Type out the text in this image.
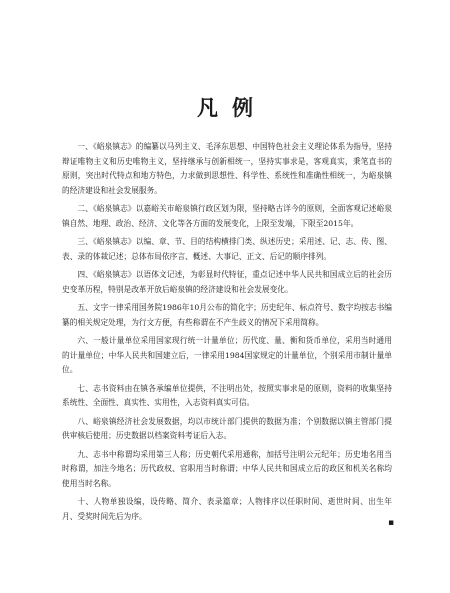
凡例

一、《峪泉镇志》的编纂以马列主义、毛泽东思想、中国特色社会主义理论体系为指导，坚持辩证唯物主义和历史唯物主义，坚持继承与创新相统一，坚持实事求是，客观真实，秉笔直书的原则，突出时代特点和地方特色，力求做到思想性、科学性、系统性和准确性相统一，为峪泉镇的经济建设和社会发展服务。

二、《峪泉镇志》以嘉峪关市峪泉镇行政区划为限，坚持略古详今的原则，全面客观记述峪泉镇自然、地理、政治、经济、文化等各方面的发展变化，上限至发端，下限至2015年。

三、《峪泉镇志》以编、章、节、目的结构横排门类、纵述历史；采用述、记、志、传、图、表、录的体裁记述；总体布局依序言、概述、大事记、正文、后记的顺序排列。

四、《峪泉镇志》以语体文记述，为彰显时代特征，重点记述中华人民共和国成立后的社会历史变革历程，特别是改革开放后峪泉镇的经济建设和社会发展变化。

五、文字一律采用国务院1986年10月公布的简化字；历史纪年、标点符号、数字均按志书编纂的相关规定处理，为行文方便，有些称谓在不产生歧义的情况下采用简称。

六、一般计量单位采用国家现行统一计量单位；历代度、量、衡和货币单位，采用当时通用的计量单位；中华人民共和国建立后，一律采用1984国家规定的计量单位，个别采用市制计量单位。

七、志书资料由在镇各承编单位提供，不注明出处，按照实事求是的原则，资料的收集坚持系统性、全面性、真实性、实用性，入志资料真实可信。

八、峪泉镇经济社会发展数据，均以市统计部门提供的数据为准；个别数据以镇主管部门提供审核后使用；历史数据以档案资料考证后入志。

九、志书中称谓均采用第三人称；历史朝代采用通称，加括号注明公元纪年；历史地名用当时称谓，加注今地名；历代政权、官职用当时称谓；中华人民共和国成立后的政区和机关名称均使用当时名称。

十、人物单独设编，设传略、简介、表录篇章；人物排序以任职时间、逝世时间、出生年月、受奖时间先后为序。

▪
